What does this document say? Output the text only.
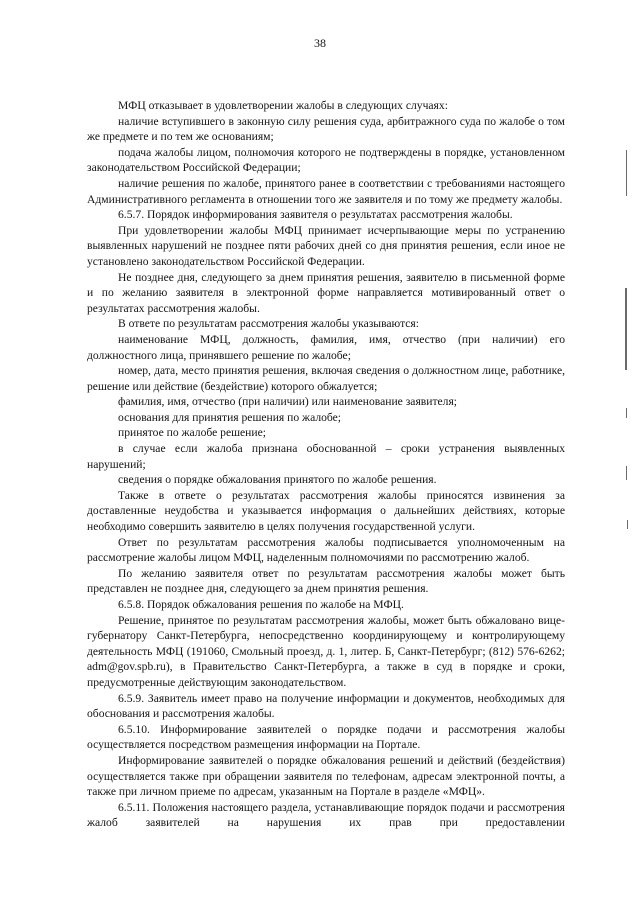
38

МФЦ отказывает в удовлетворении жалобы в следующих случаях:

наличие вступившего в законную силу решения суда, арбитражного суда по жалобе о том же предмете и по тем же основаниям;

подача жалобы лицом, полномочия которого не подтверждены в порядке, установленном законодательством Российской Федерации;

наличие решения по жалобе, принятого ранее в соответствии с требованиями настоящего Административного регламента в отношении того же заявителя и по тому же предмету жалобы.

6.5.7. Порядок информирования заявителя о результатах рассмотрения жалобы.

При удовлетворении жалобы МФЦ принимает исчерпывающие меры по устранению выявленных нарушений не позднее пяти рабочих дней со дня принятия решения, если иное не установлено законодательством Российской Федерации.

Не позднее дня, следующего за днем принятия решения, заявителю в письменной форме и по желанию заявителя в электронной форме направляется мотивированный ответ о результатах рассмотрения жалобы.

В ответе по результатам рассмотрения жалобы указываются:

наименование МФЦ, должность, фамилия, имя, отчество (при наличии) его должностного лица, принявшего решение по жалобе;

номер, дата, место принятия решения, включая сведения о должностном лице, работнике, решение или действие (бездействие) которого обжалуется;

фамилия, имя, отчество (при наличии) или наименование заявителя;

основания для принятия решения по жалобе;

принятое по жалобе решение;

в случае если жалоба признана обоснованной – сроки устранения выявленных нарушений;

сведения о порядке обжалования принятого по жалобе решения.

Также в ответе о результатах рассмотрения жалобы приносятся извинения за доставленные неудобства и указывается информация о дальнейших действиях, которые необходимо совершить заявителю в целях получения государственной услуги.

Ответ по результатам рассмотрения жалобы подписывается уполномоченным на рассмотрение жалобы лицом МФЦ, наделенным полномочиями по рассмотрению жалоб.

По желанию заявителя ответ по результатам рассмотрения жалобы может быть представлен не позднее дня, следующего за днем принятия решения.

6.5.8. Порядок обжалования решения по жалобе на МФЦ.

Решение, принятое по результатам рассмотрения жалобы, может быть обжаловано вице-губернатору Санкт-Петербурга, непосредственно координирующему и контролирующему деятельность МФЦ (191060, Смольный проезд, д. 1, литер. Б, Санкт-Петербург; (812) 576-6262; adm@gov.spb.ru), в Правительство Санкт-Петербурга, а также в суд в порядке и сроки, предусмотренные действующим законодательством.

6.5.9. Заявитель имеет право на получение информации и документов, необходимых для обоснования и рассмотрения жалобы.

6.5.10. Информирование заявителей о порядке подачи и рассмотрения жалобы осуществляется посредством размещения информации на Портале.

Информирование заявителей о порядке обжалования решений и действий (бездействия) осуществляется также при обращении заявителя по телефонам, адресам электронной почты, а также при личном приеме по адресам, указанным на Портале в разделе «МФЦ».

6.5.11. Положения настоящего раздела, устанавливающие порядок подачи и рассмотрения жалоб заявителей на нарушения их прав при предоставлении
